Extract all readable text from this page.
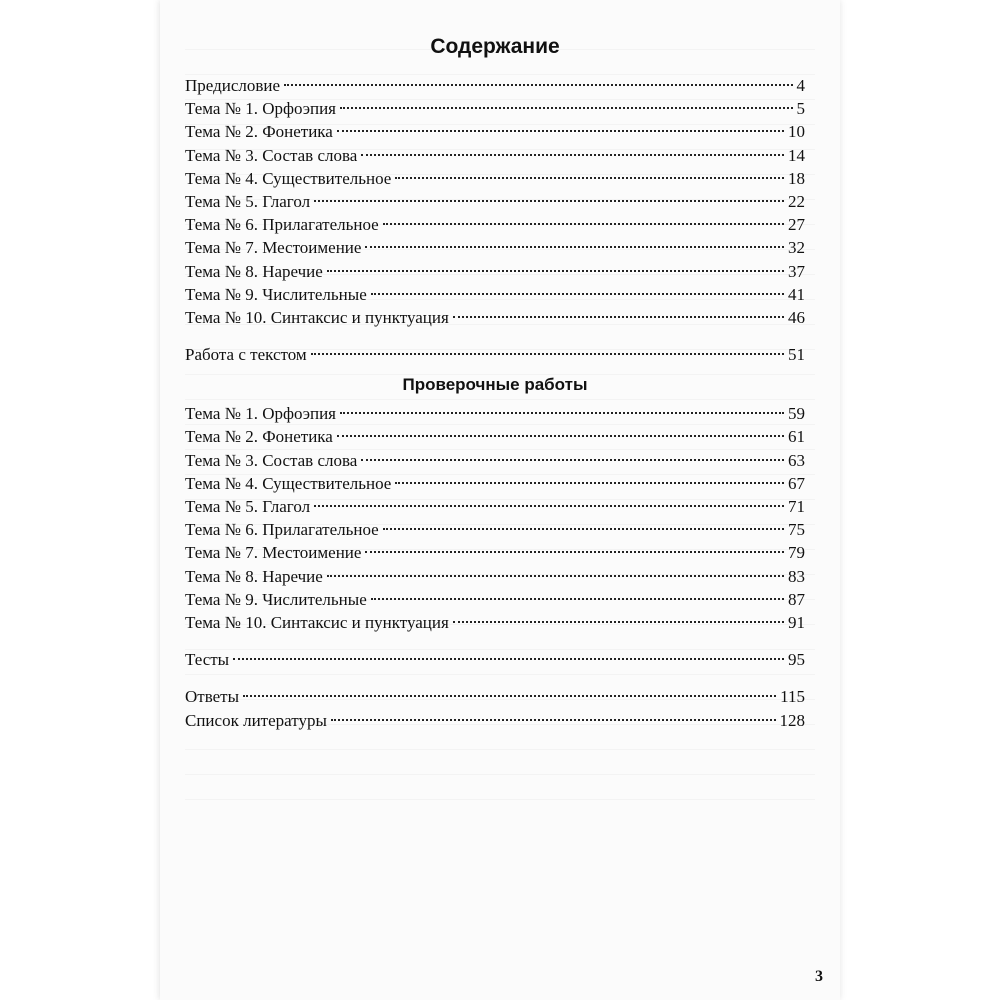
Содержание
Предисловие	4
Тема № 1. Орфоэпия	5
Тема № 2. Фонетика	10
Тема № 3. Состав слова	14
Тема № 4. Существительное	18
Тема № 5. Глагол	22
Тема № 6. Прилагательное	27
Тема № 7. Местоимение	32
Тема № 8. Наречие	37
Тема № 9. Числительные	41
Тема № 10. Синтаксис и пунктуация	46
Работа с текстом	51
Проверочные работы
Тема № 1. Орфоэпия	59
Тема № 2. Фонетика	61
Тема № 3. Состав слова	63
Тема № 4. Существительное	67
Тема № 5. Глагол	71
Тема № 6. Прилагательное	75
Тема № 7. Местоимение	79
Тема № 8. Наречие	83
Тема № 9. Числительные	87
Тема № 10. Синтаксис и пунктуация	91
Тесты	95
Ответы	115
Список литературы	128
3
